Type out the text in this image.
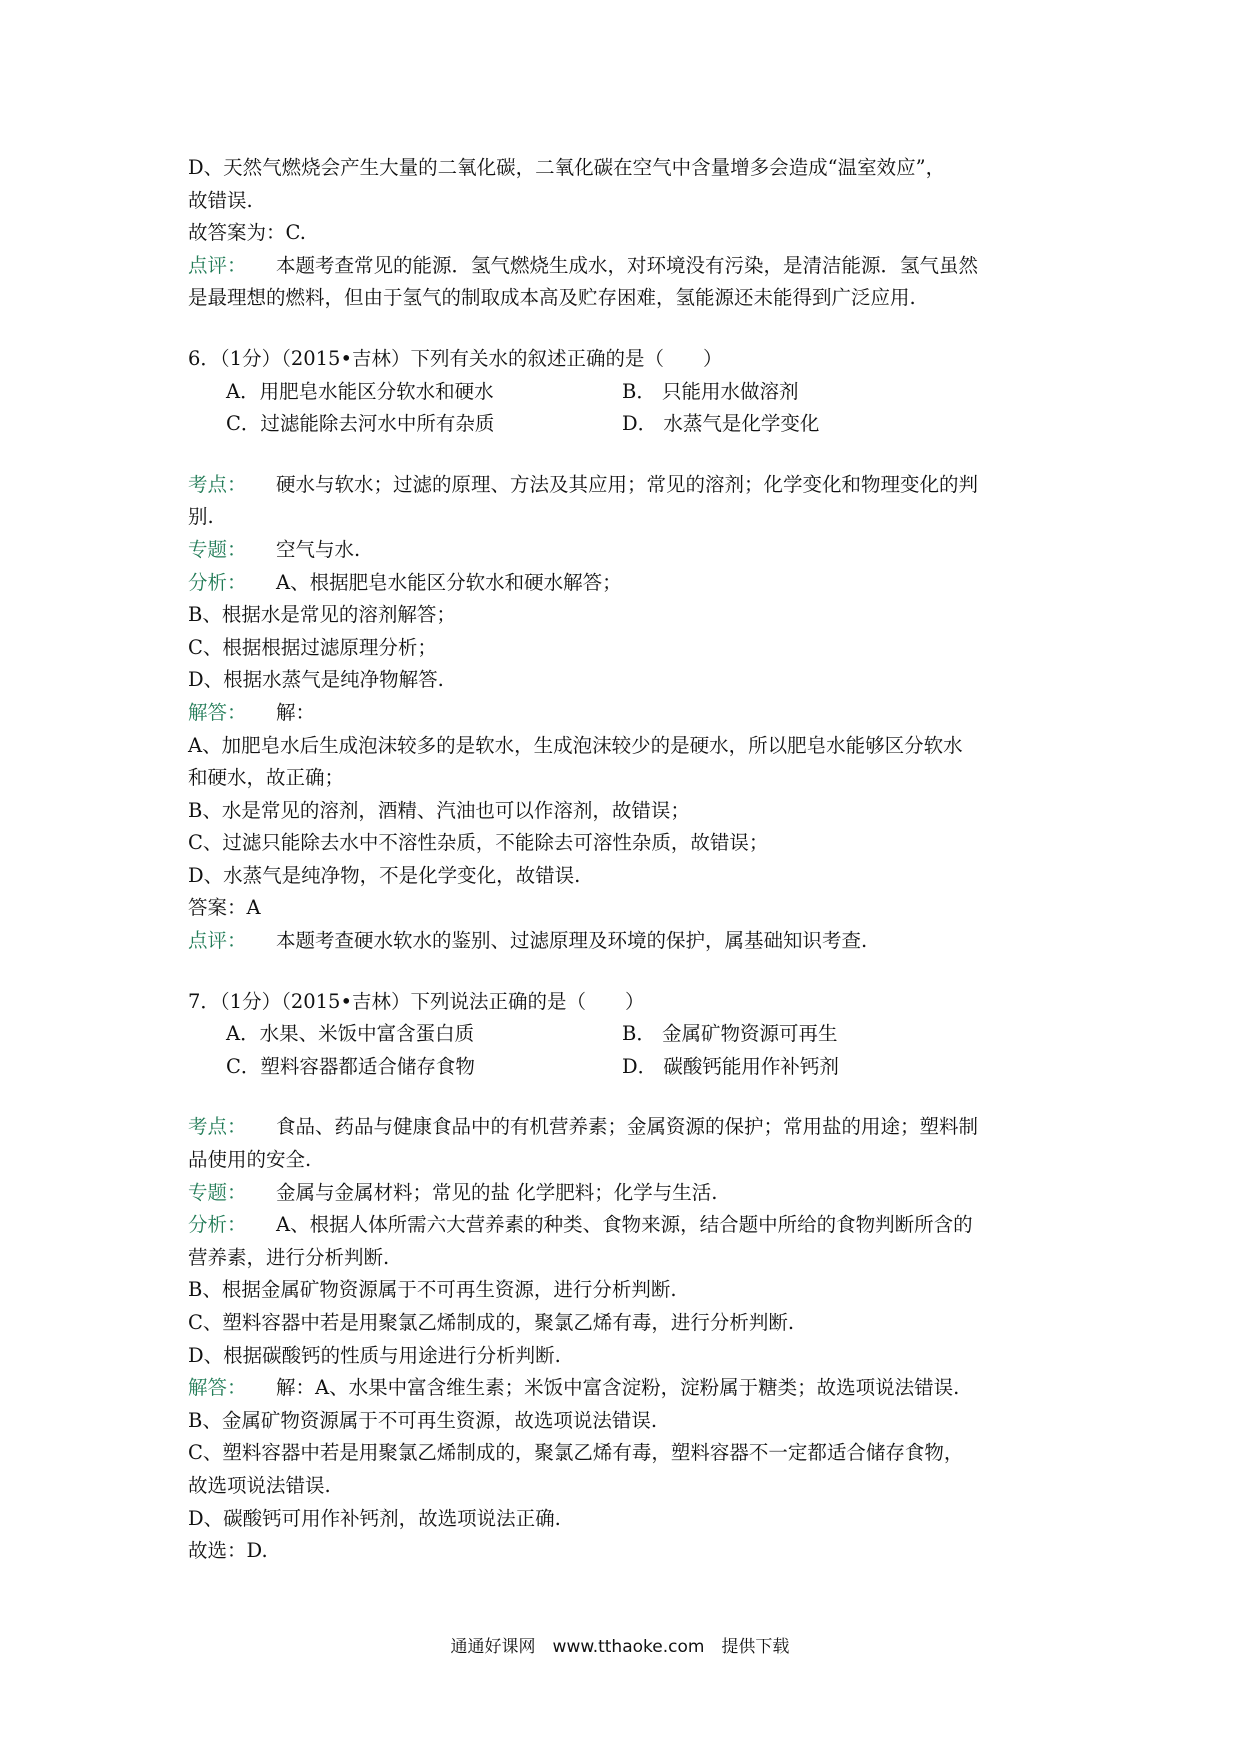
D、天然气燃烧会产生大量的二氧化碳，二氧化碳在空气中含量增多会造成“温室效应”，

故错误.

故答案为：C.

点评： 本题考查常见的能源．氢气燃烧生成水，对环境没有污染，是清洁能源．氢气虽然

是最理想的燃料，但由于氢气的制取成本高及贮存困难，氢能源还未能得到广泛应用.

6．（1分）（2015•吉林）下列有关水的叙述正确的是（　　）

A．用肥皂水能区分软水和硬水	B． 只能用水做溶剂
C．过滤能除去河水中所有杂质	D． 水蒸气是化学变化

考点： 硬水与软水；过滤的原理、方法及其应用；常见的溶剂；化学变化和物理变化的判

别.

专题： 空气与水.

分析： A、根据肥皂水能区分软水和硬水解答；

B、根据水是常见的溶剂解答；

C、根据根据过滤原理分析；

D、根据水蒸气是纯净物解答.

解答： 解：

A、加肥皂水后生成泡沫较多的是软水，生成泡沫较少的是硬水，所以肥皂水能够区分软水

和硬水，故正确；

B、水是常见的溶剂，酒精、汽油也可以作溶剂，故错误；

C、过滤只能除去水中不溶性杂质，不能除去可溶性杂质，故错误；

D、水蒸气是纯净物，不是化学变化，故错误.

答案：A

点评： 本题考查硬水软水的鉴别、过滤原理及环境的保护，属基础知识考查.

7．（1分）（2015•吉林）下列说法正确的是（　　）

A．水果、米饭中富含蛋白质	B． 金属矿物资源可再生
C．塑料容器都适合储存食物	D． 碳酸钙能用作补钙剂

考点： 食品、药品与健康食品中的有机营养素；金属资源的保护；常用盐的用途；塑料制

品使用的安全.

专题： 金属与金属材料；常见的盐 化学肥料；化学与生活.

分析： A、根据人体所需六大营养素的种类、食物来源，结合题中所给的食物判断所含的

营养素，进行分析判断.

B、根据金属矿物资源属于不可再生资源，进行分析判断.

C、塑料容器中若是用聚氯乙烯制成的，聚氯乙烯有毒，进行分析判断.

D、根据碳酸钙的性质与用途进行分析判断.

解答： 解：A、水果中富含维生素；米饭中富含淀粉，淀粉属于糖类；故选项说法错误.

B、金属矿物资源属于不可再生资源，故选项说法错误.

C、塑料容器中若是用聚氯乙烯制成的，聚氯乙烯有毒，塑料容器不一定都适合储存食物，

故选项说法错误.

D、碳酸钙可用作补钙剂，故选项说法正确.

故选：D.

通通好课网　www.tthaoke.com　提供下载
